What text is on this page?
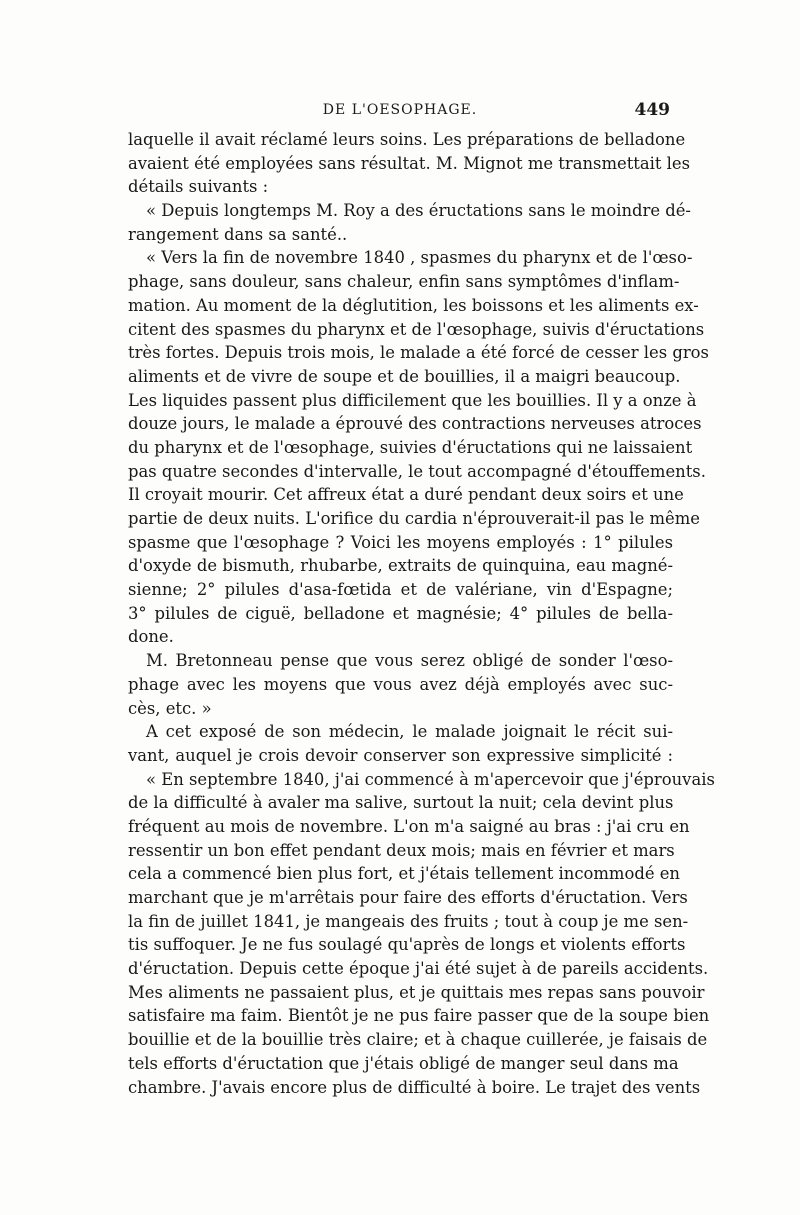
DE L'OESOPHAGE.	449
laquelle il avait réclamé leurs soins. Les préparations de belladone
avaient été employées sans résultat. M. Mignot me transmettait les
détails suivants :
« Depuis longtemps M. Roy a des éructations sans le moindre dé-
rangement dans sa santé..
« Vers la fin de novembre 1840 , spasmes du pharynx et de l'œso-
phage, sans douleur, sans chaleur, enfin sans symptômes d'inflam-
mation. Au moment de la déglutition, les boissons et les aliments ex-
citent des spasmes du pharynx et de l'œsophage, suivis d'éructations
très fortes. Depuis trois mois, le malade a été forcé de cesser les gros
aliments et de vivre de soupe et de bouillies, il a maigri beaucoup.
Les liquides passent plus difficilement que les bouillies. Il y a onze à
douze jours, le malade a éprouvé des contractions nerveuses atroces
du pharynx et de l'œsophage, suivies d'éructations qui ne laissaient
pas quatre secondes d'intervalle, le tout accompagné d'étouffements.
Il croyait mourir. Cet affreux état a duré pendant deux soirs et une
partie de deux nuits. L'orifice du cardia n'éprouverait-il pas le même
spasme que l'œsophage ? Voici les moyens employés : 1° pilules
d'oxyde de bismuth, rhubarbe, extraits de quinquina, eau magné-
sienne; 2° pilules d'asa-fœtida et de valériane, vin d'Espagne;
3° pilules de ciguë, belladone et magnésie; 4° pilules de bella-
done.
M. Bretonneau pense que vous serez obligé de sonder l'œso-
phage avec les moyens que vous avez déjà employés avec suc-
cès, etc. »
A cet exposé de son médecin, le malade joignait le récit sui-
vant, auquel je crois devoir conserver son expressive simplicité :
« En septembre 1840, j'ai commencé à m'apercevoir que j'éprouvais
de la difficulté à avaler ma salive, surtout la nuit; cela devint plus
fréquent au mois de novembre. L'on m'a saigné au bras : j'ai cru en
ressentir un bon effet pendant deux mois; mais en février et mars
cela a commencé bien plus fort, et j'étais tellement incommodé en
marchant que je m'arrêtais pour faire des efforts d'éructation. Vers
la fin de juillet 1841, je mangeais des fruits ; tout à coup je me sen-
tis suffoquer. Je ne fus soulagé qu'après de longs et violents efforts
d'éructation. Depuis cette époque j'ai été sujet à de pareils accidents.
Mes aliments ne passaient plus, et je quittais mes repas sans pouvoir
satisfaire ma faim. Bientôt je ne pus faire passer que de la soupe bien
bouillie et de la bouillie très claire; et à chaque cuillerée, je faisais de
tels efforts d'éructation que j'étais obligé de manger seul dans ma
chambre. J'avais encore plus de difficulté à boire. Le trajet des vents
